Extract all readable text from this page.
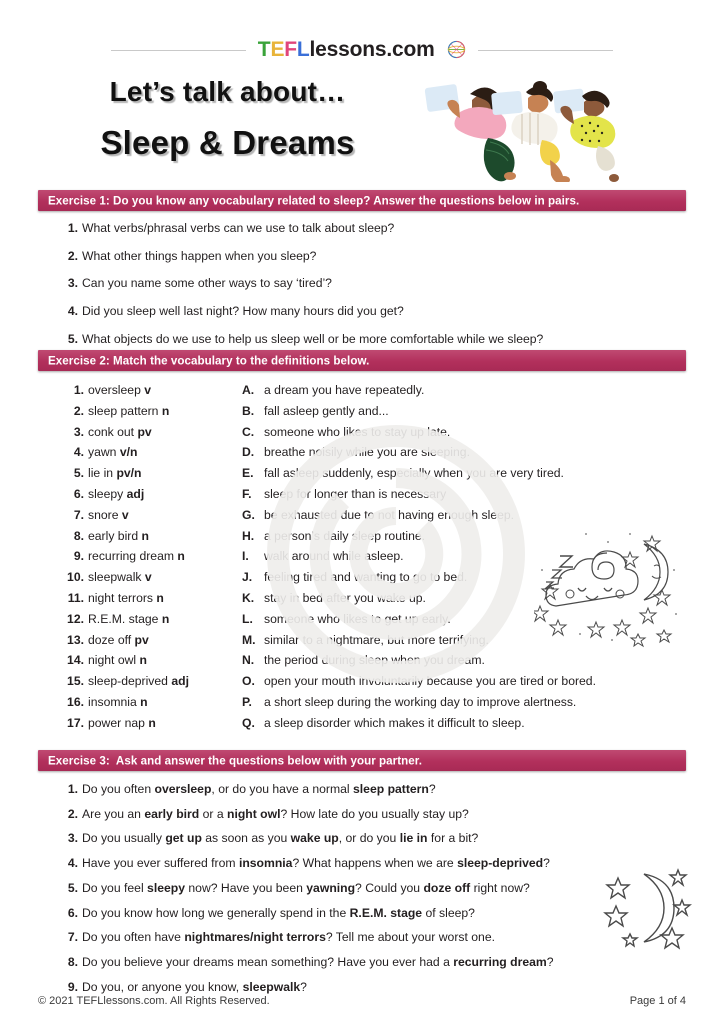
TEFLlessons.com
Let’s talk about…
Sleep & Dreams
Exercise 1: Do you know any vocabulary related to sleep? Answer the questions below in pairs.
1. What verbs/phrasal verbs can we use to talk about sleep?
2. What other things happen when you sleep?
3. Can you name some other ways to say ‘tired’?
4. Did you sleep well last night? How many hours did you get?
5. What objects do we use to help us sleep well or be more comfortable while we sleep?
Exercise 2: Match the vocabulary to the definitions below.
1. oversleep v
2. sleep pattern n
3. conk out pv
4. yawn v/n
5. lie in pv/n
6. sleepy adj
7. snore v
8. early bird n
9. recurring dream n
10. sleepwalk v
11. night terrors n
12. R.E.M. stage n
13. doze off pv
14. night owl n
15. sleep-deprived adj
16. insomnia n
17. power nap n
A. a dream you have repeatedly.
B. fall asleep gently and...
C. someone who likes to stay up late.
D. breathe noisily while you are sleeping.
E. fall asleep suddenly, especially when you are very tired.
F.	sleep for longer than is necessary
G. be exhausted due to not having enough sleep.
H. a person’s daily sleep routine.
I.	walk around while asleep.
J. feeling tired and wanting to go to bed.
K. stay in bed after you wake up.
L. someone who likes to get up early.
M. similar to a nightmare, but more terrifying.
N. the period during sleep when you dream.
O. open your mouth involuntarily because you are tired or bored.
P. a short sleep during the working day to improve alertness.
Q. a sleep disorder which makes it difficult to sleep.
Exercise 3:  Ask and answer the questions below with your partner.
1. Do you often oversleep, or do you have a normal sleep pattern?
2. Are you an early bird or a night owl? How late do you usually stay up?
3. Do you usually get up as soon as you wake up, or do you lie in for a bit?
4. Have you ever suffered from insomnia? What happens when we are sleep-deprived?
5. Do you feel sleepy now? Have you been yawning? Could you doze off right now?
6. Do you know how long we generally spend in the R.E.M. stage of sleep?
7. Do you often have nightmares/night terrors? Tell me about your worst one.
8. Do you believe your dreams mean something? Have you ever had a recurring dream?
9. Do you, or anyone you know, sleepwalk?
© 2021 TEFLlessons.com. All Rights Reserved.	Page 1 of 4
